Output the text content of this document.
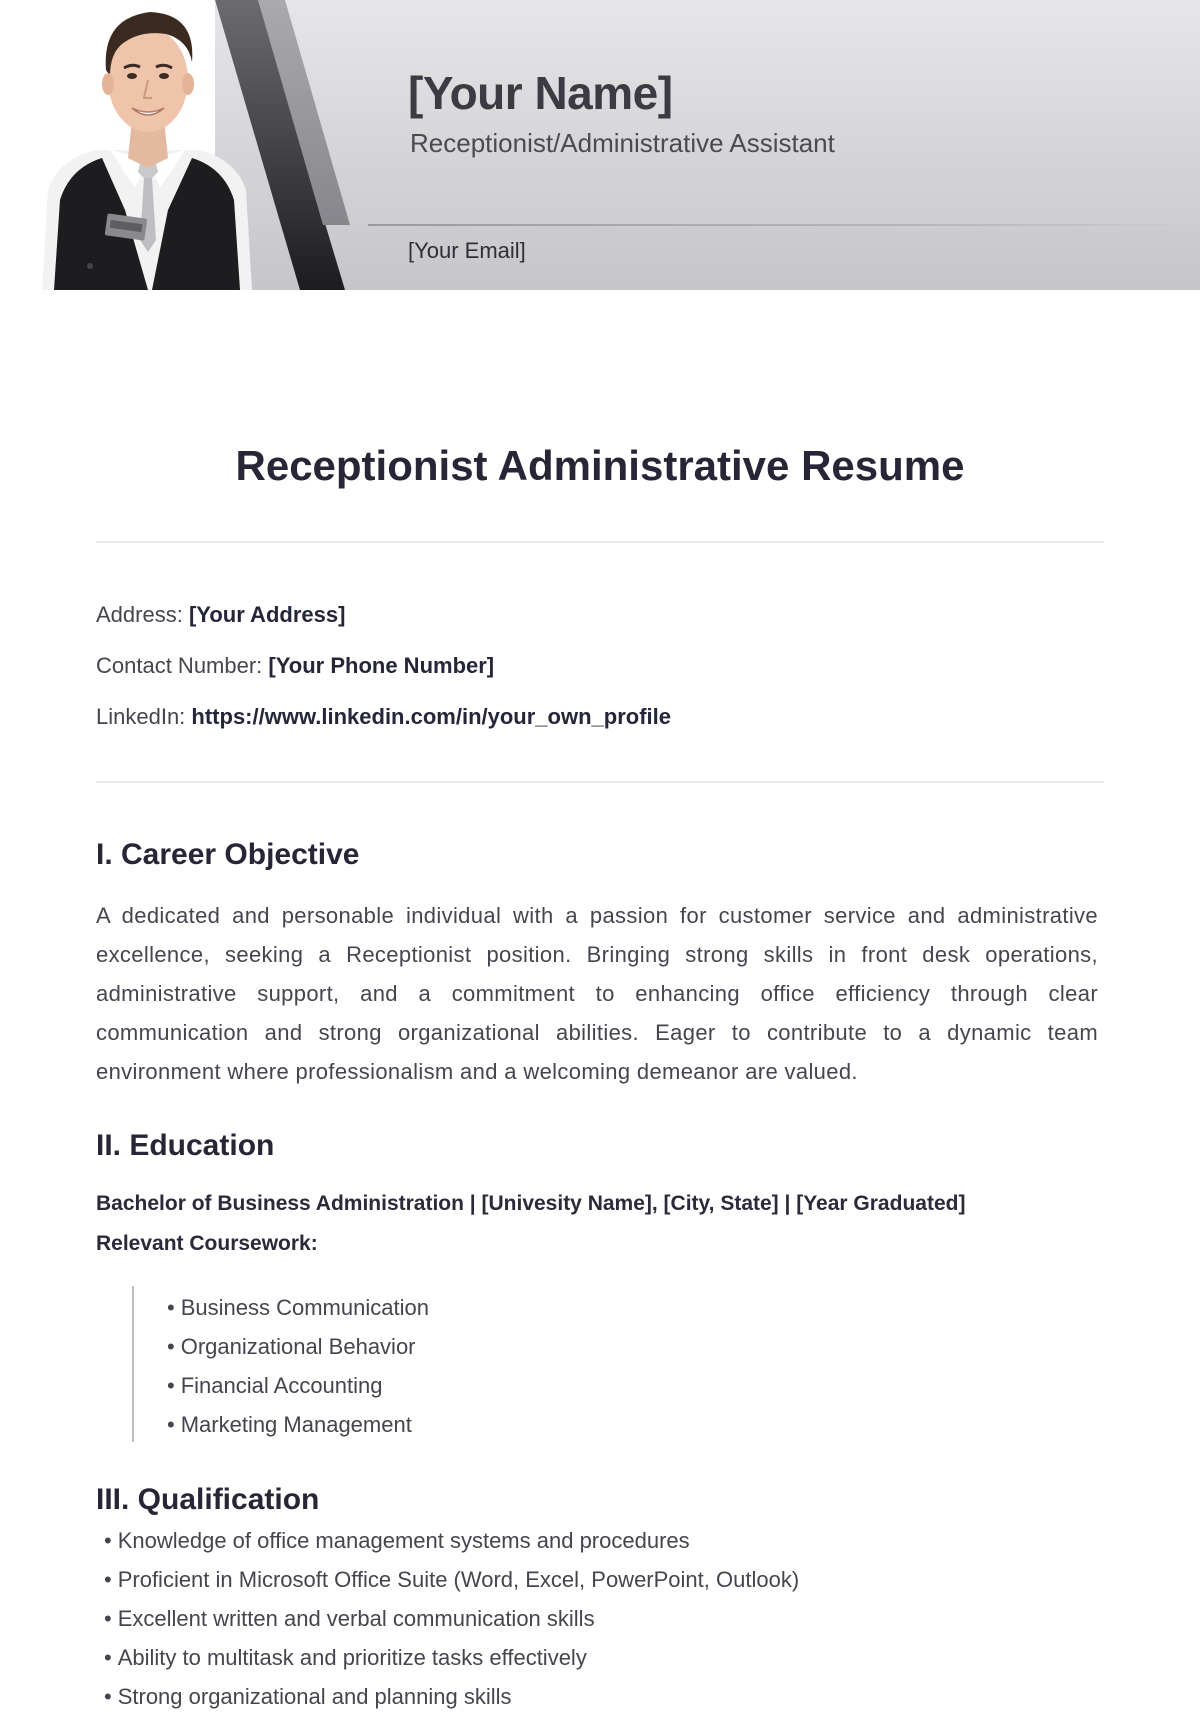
[Your Name]

Receptionist/Administrative Assistant

[Your Email]

Receptionist Administrative Resume

Address: [Your Address]

Contact Number: [Your Phone Number]

LinkedIn: https://www.linkedin.com/in/your_own_profile

I. Career Objective

A dedicated and personable individual with a passion for customer service and administrative excellence, seeking a Receptionist position. Bringing strong skills in front desk operations, administrative support, and a commitment to enhancing office efficiency through clear communication and strong organizational abilities. Eager to contribute to a dynamic team environment where professionalism and a welcoming demeanor are valued.

II. Education

Bachelor of Business Administration | [Univesity Name], [City, State] | [Year Graduated]

Relevant Coursework:

• Business Communication
• Organizational Behavior
• Financial Accounting
• Marketing Management
III. Qualification
• Knowledge of office management systems and procedures
• Proficient in Microsoft Office Suite (Word, Excel, PowerPoint, Outlook)
• Excellent written and verbal communication skills
• Ability to multitask and prioritize tasks effectively
• Strong organizational and planning skills
